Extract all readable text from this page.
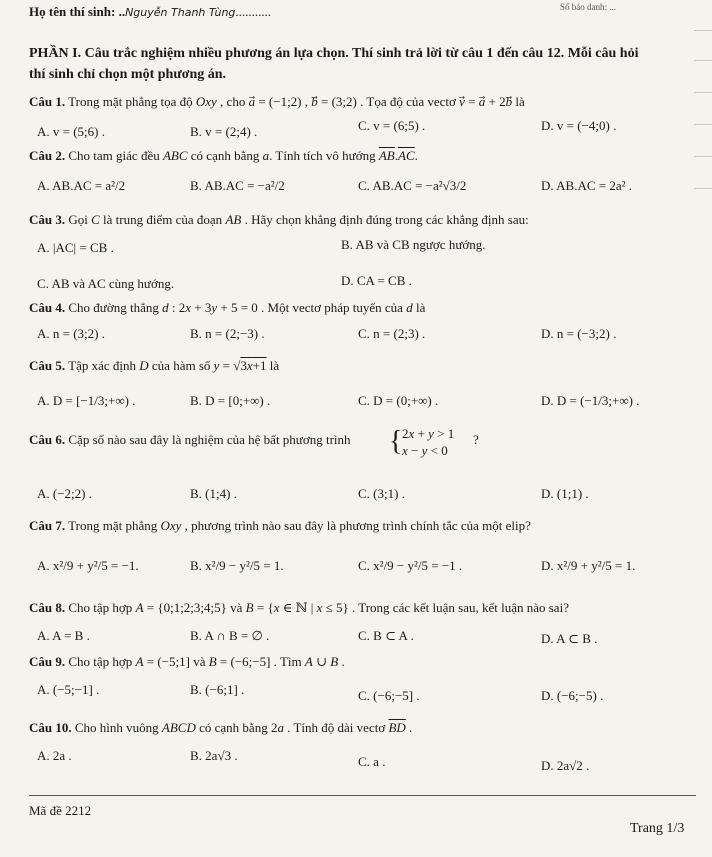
Họ tên thí sinh: ..Nguyễn Thanh Tùng...........	Số báo danh: ...
PHẦN I. Câu trắc nghiệm nhiều phương án lựa chọn. Thí sinh trả lời từ câu 1 đến câu 12. Mỗi câu hỏi
thí sinh chỉ chọn một phương án.
Câu 1. Trong mặt phẳng tọa độ Oxy , cho a⃗ = (−1;2) , b⃗ = (3;2) . Tọa độ của vectơ v⃗ = a⃗ + 2b⃗ là
A. v = (5;6) .	B. v = (2;4) .	C. v = (6;5) .	D. v = (−4;0) .
Câu 2. Cho tam giác đều ABC có cạnh bằng a. Tính tích vô hướng $\overline{AB}.\overline{AC}$.
A. AB.AC = a²/2	B. AB.AC = −a²/2	C. AB.AC = −a²√3/2	D. AB.AC = 2a² .
Câu 3. Gọi C là trung điểm của đoạn AB . Hãy chọn khẳng định đúng trong các khẳng định sau:
A. |AC| = CB .	B. AB và CB ngược hướng.
C. AB và AC cùng hướng.	D. CA = CB .
Câu 4. Cho đường thẳng d : 2x + 3y + 5 = 0 . Một vectơ pháp tuyến của d là
A. n = (3;2) .	B. n = (2;−3) .	C. n = (2;3) .	D. n = (−3;2) .
Câu 5. Tập xác định D của hàm số y = √3x+1 là
A. D = [−1/3;+∞) .	B. D = [0;+∞) .	C. D = (0;+∞) .	D. D = (−1/3;+∞) .
Câu 6. Cặp số nào sau đây là nghiệm của hệ bất phương trình { 2x + y > 1
x − y < 0
?
A. (−2;2) .	B. (1;4) .	C. (3;1) .	D. (1;1) .
Câu 7. Trong mặt phẳng Oxy , phương trình nào sau đây là phương trình chính tắc của một elip?
A. x²/9 + y²/5 = −1.	B. x²/9 − y²/5 = 1.	C. x²/9 − y²/5 = −1 .	D. x²/9 + y²/5 = 1.
Câu 8. Cho tập hợp A = {0;1;2;3;4;5} và B = {x ∈ ℕ | x ≤ 5} . Trong các kết luận sau, kết luận nào sai?
A. A = B .	B. A ∩ B = ∅ .	C. B ⊂ A .	D. A ⊂ B .
Câu 9. Cho tập hợp A = (−5;1] và B = (−6;−5] . Tìm A ∪ B .
A. (−5;−1] .	B. (−6;1] .	C. (−6;−5] .	D. (−6;−5) .
Câu 10. Cho hình vuông ABCD có cạnh bằng 2a . Tính độ dài vectơ $\overline{BD}$ .
A. 2a .	B. 2a√3 .	C. a .	D. 2a√2 .
Mã đề 2212
Trang 1/3
